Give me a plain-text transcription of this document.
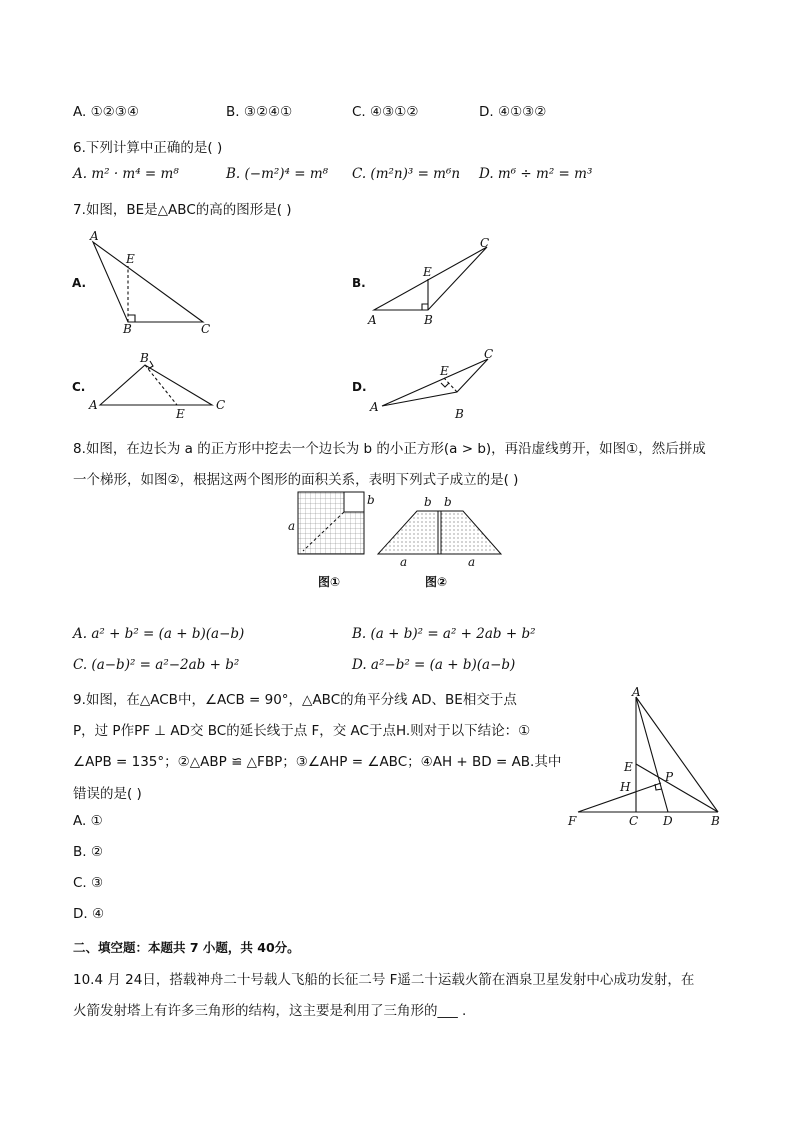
A. ①②③④	B. ③②④①	C. ④③①②	D. ④①③②
6.下列计算中正确的是( )
A. m² · m⁴ = m⁸	B. (−m²)⁴ = m⁸ C. (m²n)³ = m⁶n D. m⁶ ÷ m² = m³
7.如图，BE是△ABC的高的图形是( )
A.
A
E
B	C
B.
A	B
E
C
C.
B
A
E
C
D.
A	B
E
C
8.如图，在边长为 a 的正方形中挖去一个边长为 b 的小正方形(a > b)，再沿虚线剪开，如图①，然后拼成
一个梯形，如图②，根据这两个图形的面积关系，表明下列式子成立的是( )
b
a
图①
b b
a	a
图②
A. a² + b² = (a + b)(a−b)	B. (a + b)² = a² + 2ab + b²
C. (a−b)² = a²−2ab + b²	D. a²−b² = (a + b)(a−b)
9.如图，在△ACB中，∠ACB = 90°，△ABC的角平分线 AD、BE相交于点
P，过 P作PF ⊥ AD交 BC的延长线于点 F，交 AC于点H.则对于以下结论：①
∠APB = 135°；②△ABP ≌ △FBP；③∠AHP = ∠ABC；④AH + BD = AB.其中
错误的是( )
A. ①
B. ②
C. ③
D. ④
A
E
H
P
F	C D	B
二、填空题：本题共 7 小题，共 40分。
10.4 月 24日，搭载神舟二十号载人飞船的长征二号 F遥二十运载火箭在酒泉卫星发射中心成功发射，在
火箭发射塔上有许多三角形的结构，这主要是利用了三角形的___ .
